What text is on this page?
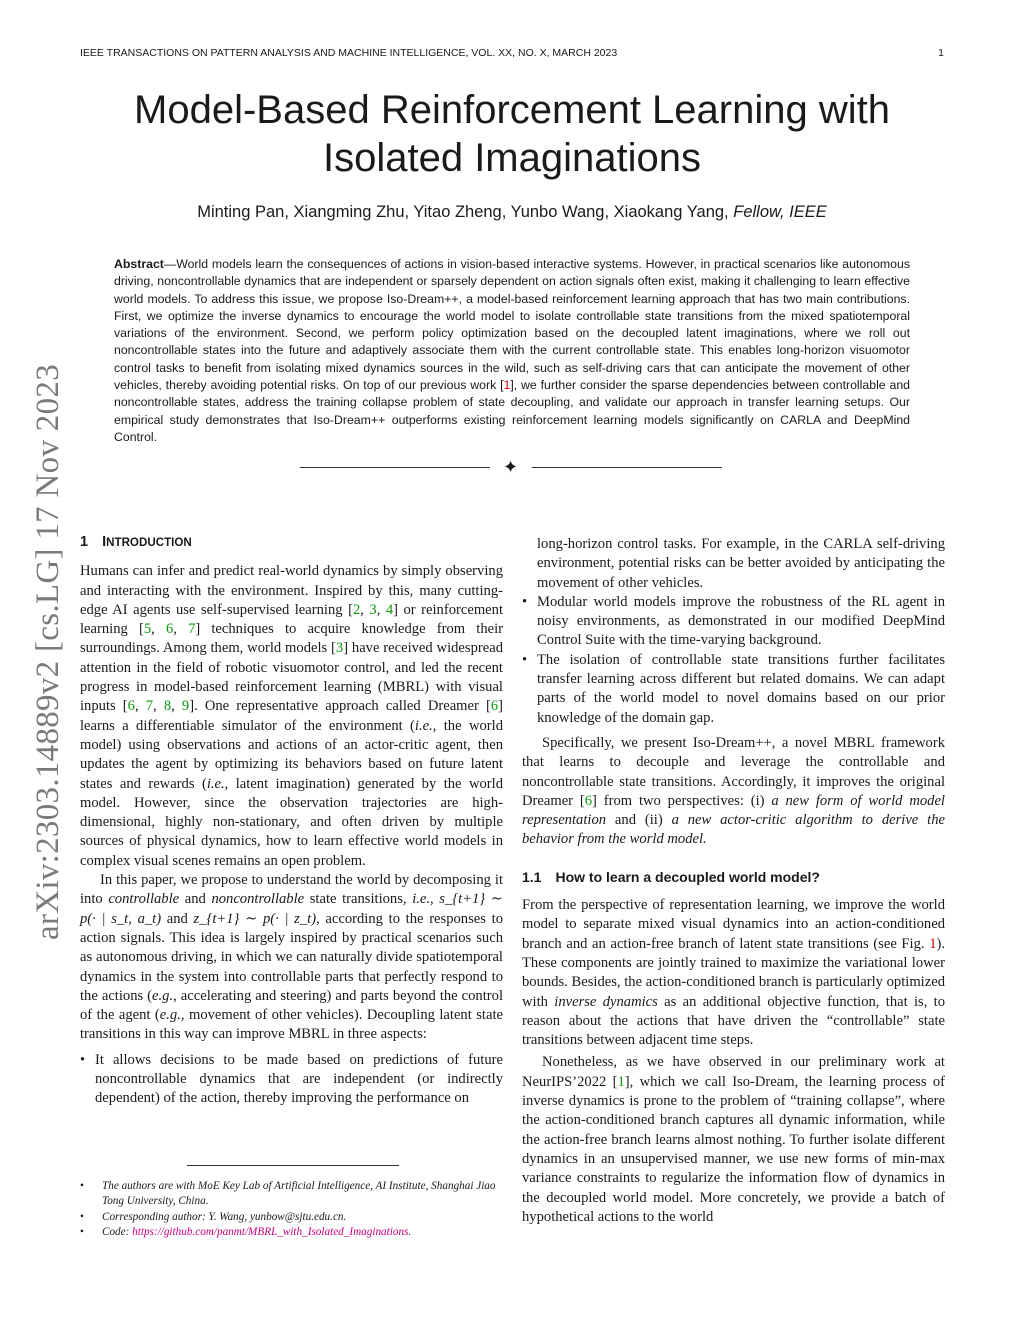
IEEE TRANSACTIONS ON PATTERN ANALYSIS AND MACHINE INTELLIGENCE, VOL. XX, NO. X, MARCH 2023	1
Model-Based Reinforcement Learning with
Isolated Imaginations
Minting Pan, Xiangming Zhu, Yitao Zheng, Yunbo Wang, Xiaokang Yang, Fellow, IEEE
Abstract—World models learn the consequences of actions in vision-based interactive systems. However, in practical scenarios like autonomous driving, noncontrollable dynamics that are independent or sparsely dependent on action signals often exist, making it challenging to learn effective world models. To address this issue, we propose Iso-Dream++, a model-based reinforcement learning approach that has two main contributions. First, we optimize the inverse dynamics to encourage the world model to isolate controllable state transitions from the mixed spatiotemporal variations of the environment. Second, we perform policy optimization based on the decoupled latent imaginations, where we roll out noncontrollable states into the future and adaptively associate them with the current controllable state. This enables long-horizon visuomotor control tasks to benefit from isolating mixed dynamics sources in the wild, such as self-driving cars that can anticipate the movement of other vehicles, thereby avoiding potential risks. On top of our previous work [1], we further consider the sparse dependencies between controllable and noncontrollable states, address the training collapse problem of state decoupling, and validate our approach in transfer learning setups. Our empirical study demonstrates that Iso-Dream++ outperforms existing reinforcement learning models significantly on CARLA and DeepMind Control.
✦
arXiv:2303.14889v2 [cs.LG] 17 Nov 2023 1 INTRODUCTION

Humans can infer and predict real-world dynamics by simply observing and interacting with the environment. Inspired by this, many cutting-edge AI agents use self-supervised learning [2, 3, 4] or reinforcement learning [5, 6, 7] techniques to acquire knowledge from their surroundings. Among them, world models [3] have received widespread attention in the field of robotic visuomotor control, and led the recent progress in model-based reinforcement learning (MBRL) with visual inputs [6, 7, 8, 9]. One representative approach called Dreamer [6] learns a differentiable simulator of the environment (i.e., the world model) using observations and actions of an actor-critic agent, then updates the agent by optimizing its behaviors based on future latent states and rewards (i.e., latent imagination) generated by the world model. However, since the observation trajectories are high-dimensional, highly non-stationary, and often driven by multiple sources of physical dynamics, how to learn effective world models in complex visual scenes remains an open problem.

In this paper, we propose to understand the world by decomposing it into controllable and noncontrollable state transitions, i.e., s_{t+1} ∼ p(· | s_t, a_t) and z_{t+1} ∼ p(· | z_t), according to the responses to action signals. This idea is largely inspired by practical scenarios such as autonomous driving, in which we can naturally divide spatiotemporal dynamics in the system into controllable parts that perfectly respond to the actions (e.g., accelerating and steering) and parts beyond the control of the agent (e.g., movement of other vehicles). Decoupling latent state transitions in this way can improve MBRL in three aspects:

• It allows decisions to be made based on predictions of future noncontrollable dynamics that are independent (or indirectly dependent) of the action, thereby improving the performance on
long-horizon control tasks. For example, in the CARLA self-driving environment, potential risks can be better avoided by anticipating the movement of other vehicles.
• Modular world models improve the robustness of the RL agent in noisy environments, as demonstrated in our modified DeepMind Control Suite with the time-varying background.
• The isolation of controllable state transitions further facilitates transfer learning across different but related domains. We can adapt parts of the world model to novel domains based on our prior knowledge of the domain gap.

Specifically, we present Iso-Dream++, a novel MBRL framework that learns to decouple and leverage the controllable and noncontrollable state transitions. Accordingly, it improves the original Dreamer [6] from two perspectives: (i) a new form of world model representation and (ii) a new actor-critic algorithm to derive the behavior from the world model.

1.1 How to learn a decoupled world model?

From the perspective of representation learning, we improve the world model to separate mixed visual dynamics into an action-conditioned branch and an action-free branch of latent state transitions (see Fig. 1). These components are jointly trained to maximize the variational lower bounds. Besides, the action-conditioned branch is particularly optimized with inverse dynamics as an additional objective function, that is, to reason about the actions that have driven the “controllable” state transitions between adjacent time steps.

Nonetheless, as we have observed in our preliminary work at NeurIPS’2022 [1], which we call Iso-Dream, the learning process of inverse dynamics is prone to the problem of “training collapse”, where the action-conditioned branch captures all dynamic information, while the action-free branch learns almost nothing. To further isolate different dynamics in an unsupervised manner, we use new forms of min-max variance constraints to regularize the information flow of dynamics in the decoupled world model. More concretely, we provide a batch of hypothetical actions to the world

• The authors are with MoE Key Lab of Artificial Intelligence, AI Institute, Shanghai Jiao Tong University, China.
• Corresponding author: Y. Wang, yunbow@sjtu.edu.cn.
• Code: https://github.com/panmt/MBRL_with_Isolated_Imaginations.
